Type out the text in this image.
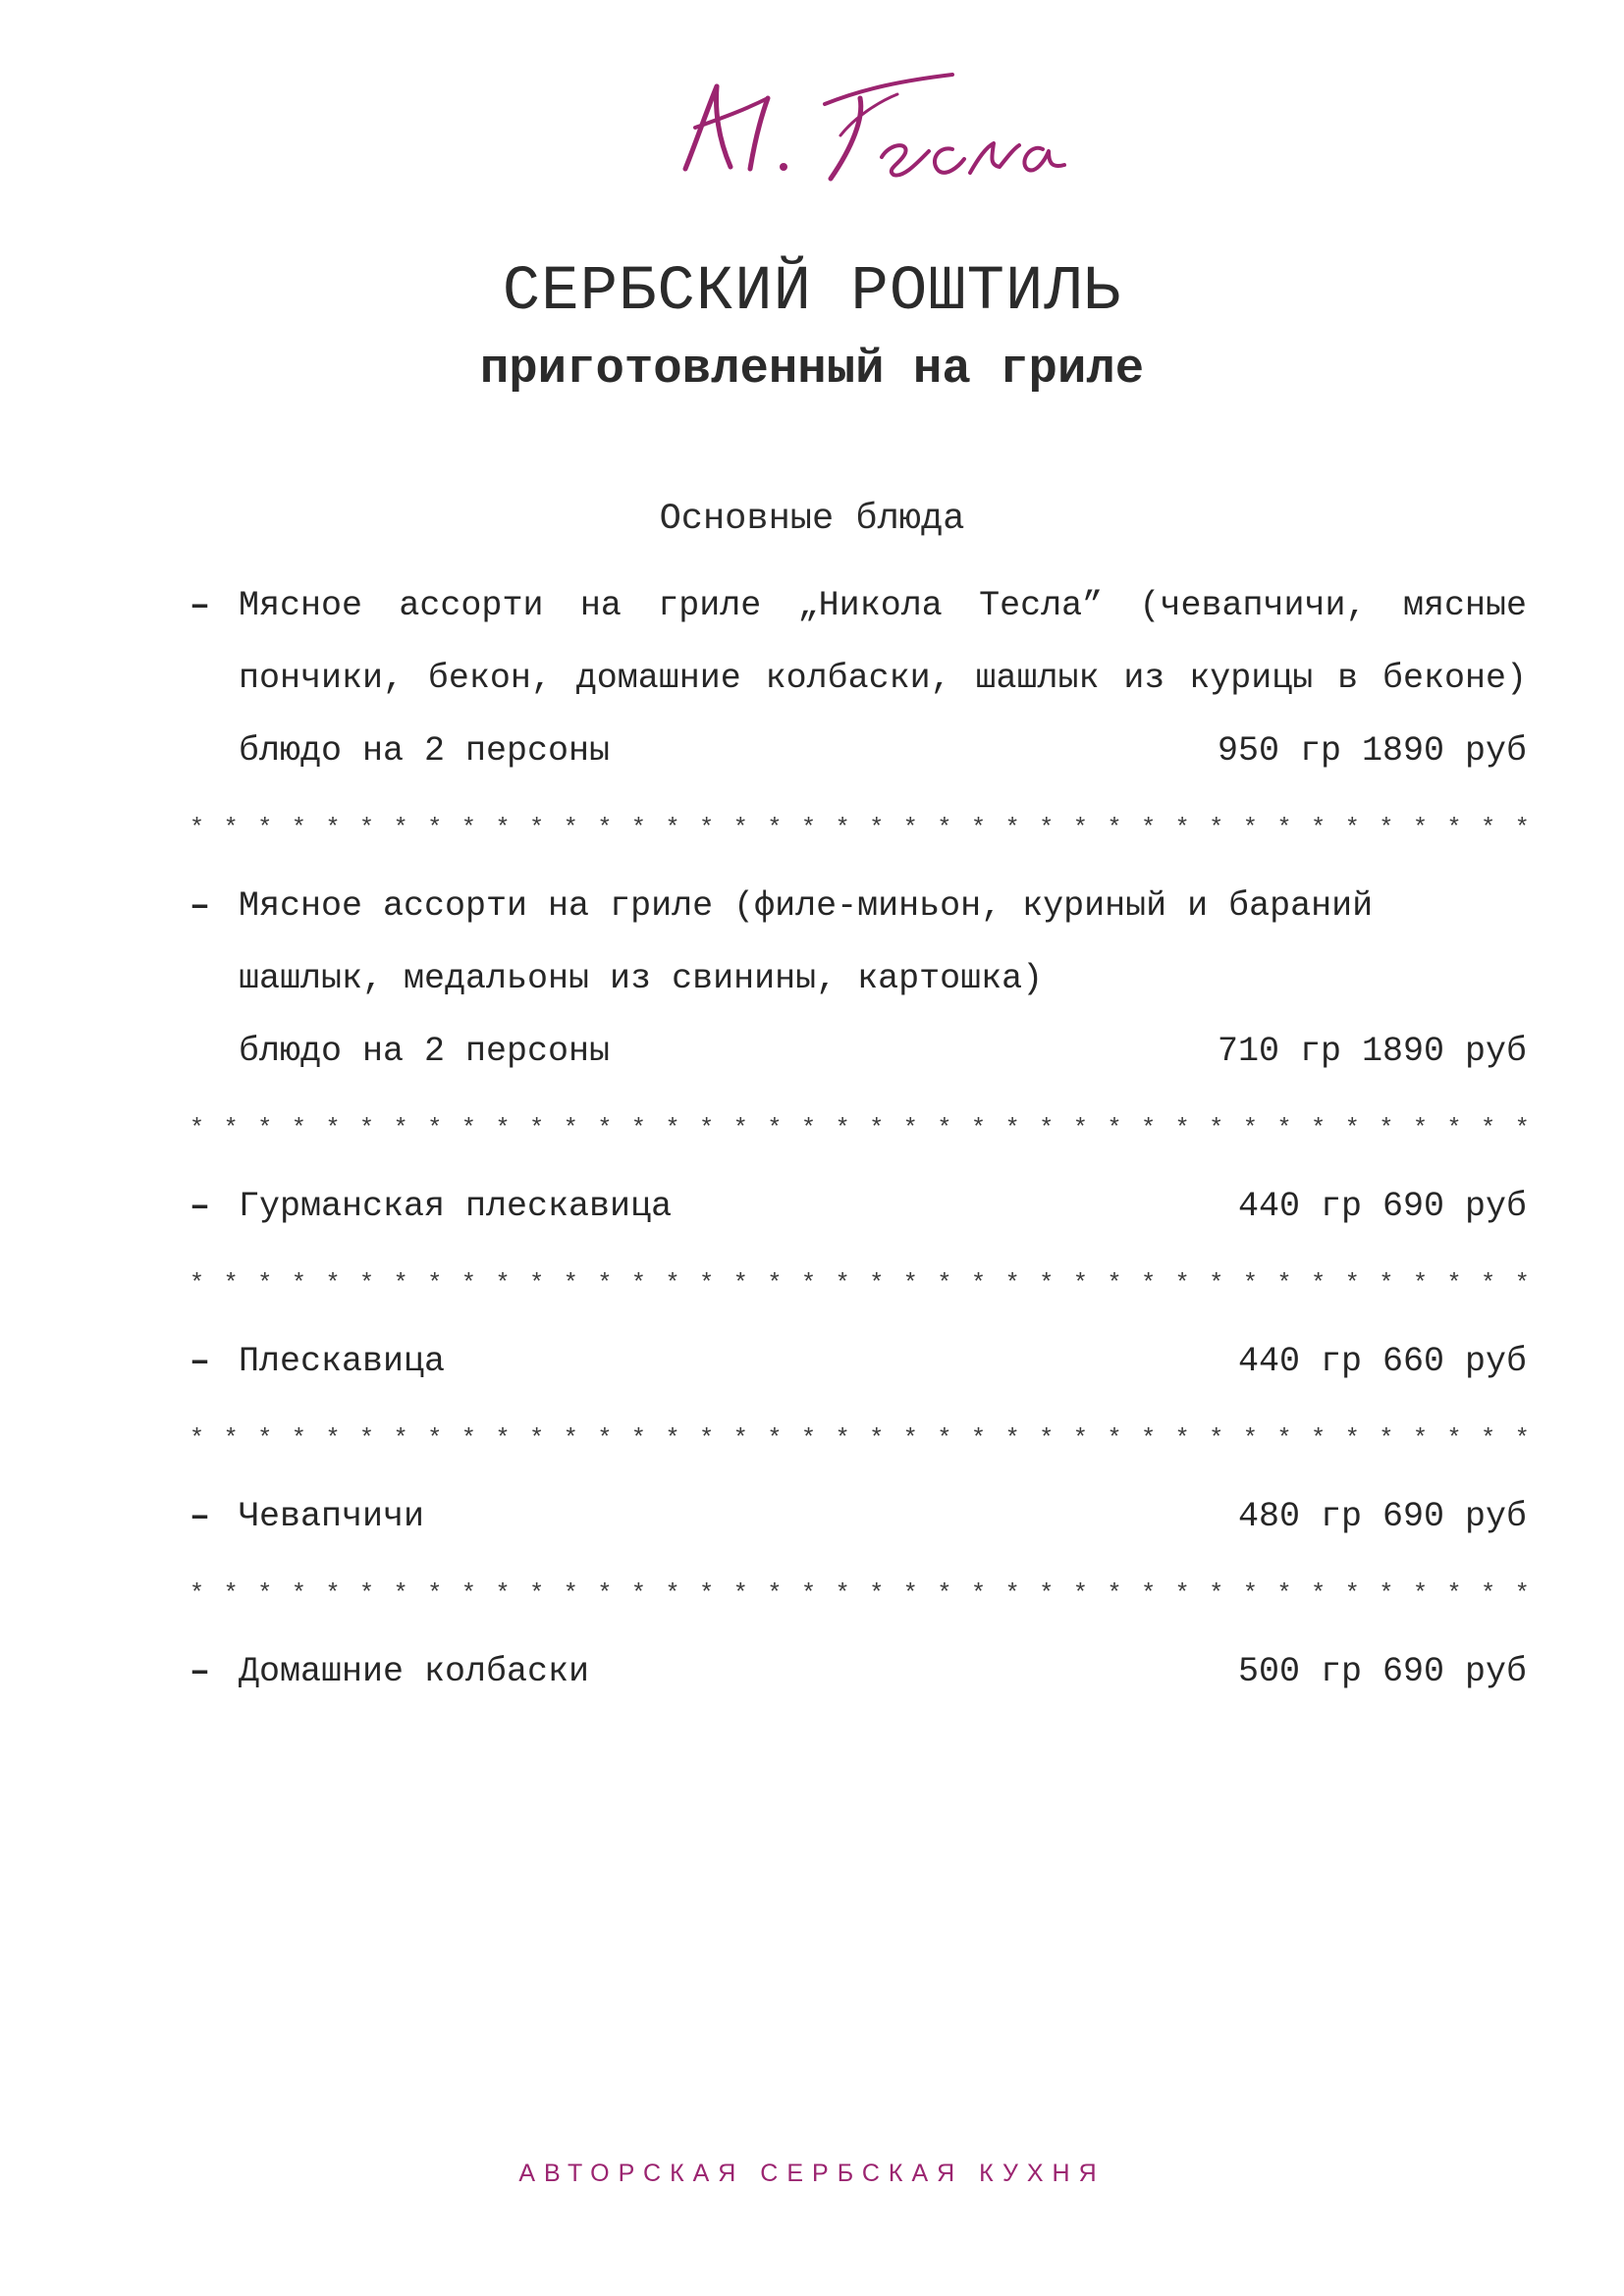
СЕРБСКИЙ РОШТИЛЬ
приготовленный на гриле
Основные блюда
– Мясное ассорти на гриле „Никола Тесла” (чевапчичи, мясные
пончики, бекон, домашние колбаски, шашлык из курицы в беконе)
блюдо на 2 персоны	950 гр 1890 руб
* * * * * * * * * * * * * * * * * * * * * * * * * * * * * * * * * * * * * * * *
– Мясное ассорти на гриле (филе-миньон, куриный и бараний
шашлык, медальоны из свинины, картошка)
блюдо на 2 персоны	710 гр 1890 руб
* * * * * * * * * * * * * * * * * * * * * * * * * * * * * * * * * * * * * * * *
– Гурманская плескавица	440 гр 690 руб
* * * * * * * * * * * * * * * * * * * * * * * * * * * * * * * * * * * * * * * *
– Плескавица	440 гр 660 руб
* * * * * * * * * * * * * * * * * * * * * * * * * * * * * * * * * * * * * * * *
– Чевапчичи	480 гр 690 руб
* * * * * * * * * * * * * * * * * * * * * * * * * * * * * * * * * * * * * * * *
– Домашние колбаски	500 гр 690 руб
АВТОРСКАЯ СЕРБСКАЯ КУХНЯ
